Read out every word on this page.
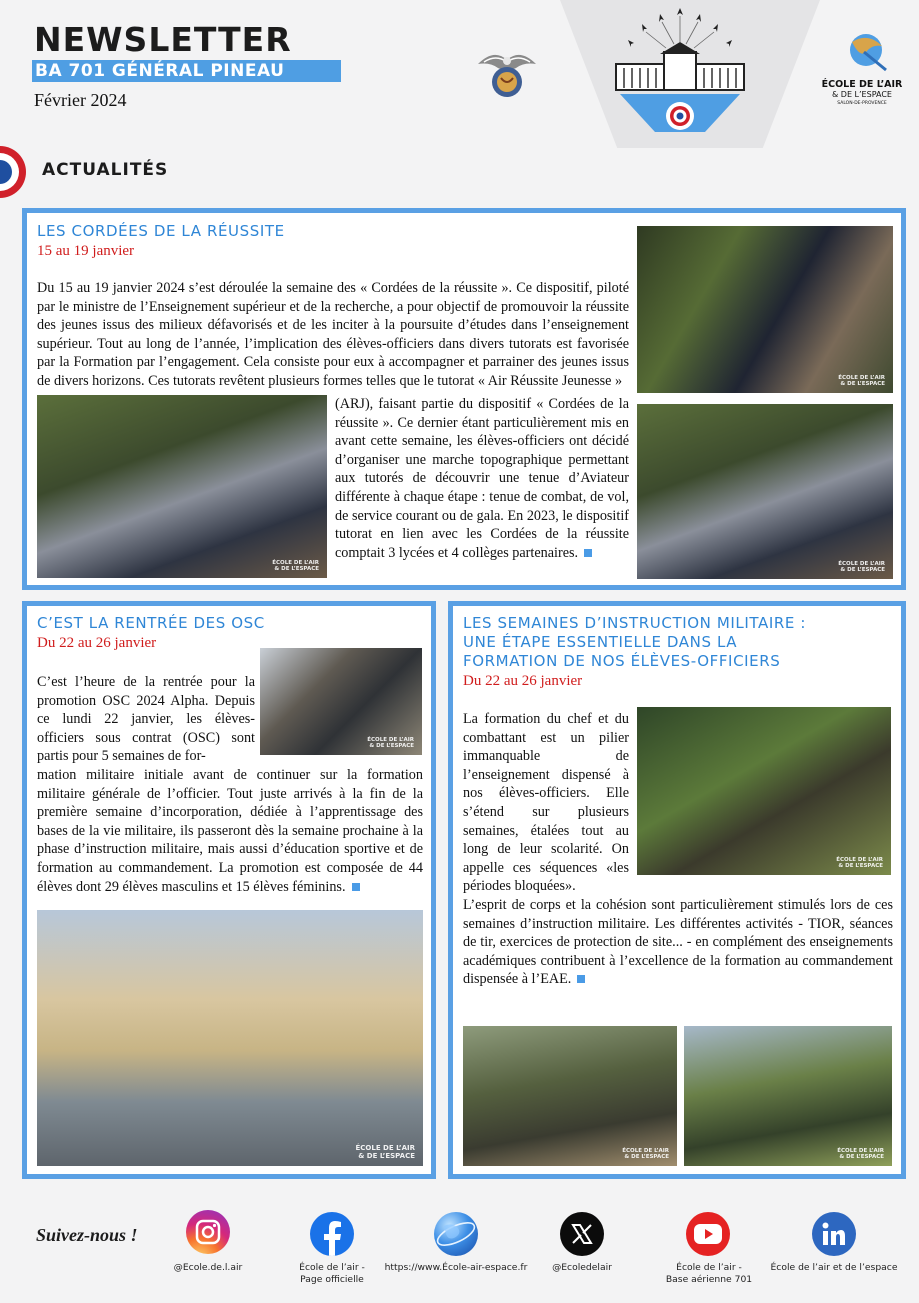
NEWSLETTER
BA 701 GÉNÉRAL PINEAU
Février 2024
ÉCOLE DE L’AIR
& DE L’ESPACE
SALON-DE-PROVENCE
ACTUALITÉS
LES CORDÉES DE LA RÉUSSITE
15 au 19 janvier
Du 15 au 19 janvier 2024 s’est déroulée la semaine des « Cordées de la réussite ». Ce dispositif, piloté par le ministre de l’Enseignement supérieur et de la recherche, a pour objectif de promouvoir la réussite des jeunes issus des milieux défavorisés et de les inciter à la poursuite d’études dans l’enseignement supérieur. Tout au long de l’année, l’implication des élèves-officiers dans divers tutorats est favorisée par la Formation par l’engagement. Cela consiste pour eux à accompagner et parrainer des jeunes issus de divers horizons. Ces tutorats revêtent plusieurs formes telles que le tutorat « Air Réussite Jeunesse »
ÉCOLE DE L’AIR
& DE L’ESPACE
(ARJ), faisant partie du dispositif « Cordées de la réussite ». Ce dernier étant particulièrement mis en avant cette semaine, les élèves-officiers ont décidé d’organiser une marche topographique permettant aux tutorés de découvrir une tenue d’Aviateur différente à chaque étape : tenue de combat, de vol, de service courant ou de gala. En 2023, le dispositif tutorat en lien avec les Cordées de la réussite comptait 3 lycées et 4 collèges partenaires.
ÉCOLE DE L’AIR
& DE L’ESPACE
ÉCOLE DE L’AIR
& DE L’ESPACE
C’EST LA RENTRÉE DES OSC
Du 22 au 26 janvier
C’est l’heure de la rentrée pour la promotion OSC 2024 Alpha. Depuis ce lundi 22 janvier, les élèves-officiers sous contrat (OSC) sont partis pour 5 semaines de for-
ÉCOLE DE L’AIR
& DE L’ESPACE
mation militaire initiale avant de continuer sur la formation militaire générale de l’officier. Tout juste arrivés à la fin de la première semaine d’incorporation, dédiée à l’apprentissage des bases de la vie militaire, ils passeront dès la semaine prochaine à la phase d’instruction militaire, mais aussi d’éducation sportive et de formation au commandement. La promotion est composée de 44 élèves dont 29 élèves masculins et 15 élèves féminins.
ÉCOLE DE L’AIR
& DE L’ESPACE
LES SEMAINES D’INSTRUCTION MILITAIRE :
UNE ÉTAPE ESSENTIELLE DANS LA
FORMATION DE NOS ÉLÈVES-OFFICIERS
Du 22 au 26 janvier
La formation du chef et du combattant est un pilier immanquable de l’enseignement dispensé à nos élèves-officiers. Elle s’étend sur plusieurs semaines, étalées tout au long de leur scolarité. On appelle ces séquences «les périodes bloquées».
ÉCOLE DE L’AIR
& DE L’ESPACE
L’esprit de corps et la cohésion sont particulièrement stimulés lors de ces semaines d’instruction militaire. Les différentes activités - TIOR, séances de tir, exercices de protection de site... - en complément des enseignements académiques contribuent à l’excellence de la formation au commandement dispensée à l’EAE.
ÉCOLE DE L’AIR
& DE L’ESPACE
ÉCOLE DE L’AIR
& DE L’ESPACE
Suivez-nous !
@Ecole.de.l.air	École de l’air -
Page officielle
https://www.École-air-espace.fr	@Ecoledelair	École de l’air -
Base aérienne 701
École de l’air et de l’espace
